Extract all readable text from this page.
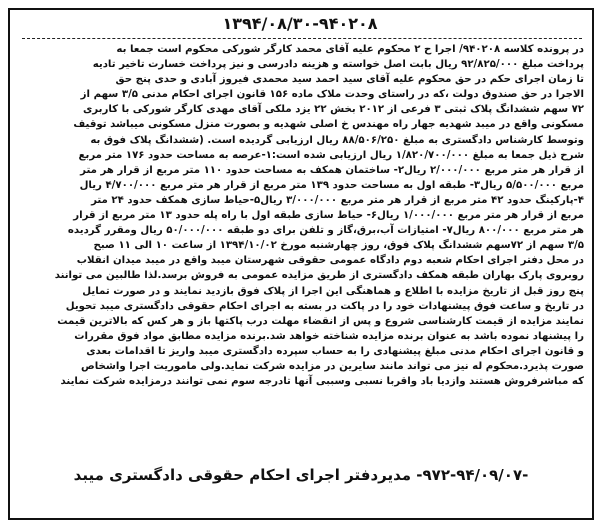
۱۳۹۴/۰۸/۳۰-۹۴۰۲۰۸
در پرونده کلاسه ۹۴۰۲۰۸/ اجرا ح ۲ محکوم علیه آقای محمد کارگر شورکی محکوم است جمعا به
پرداخت مبلغ ۹۲/۸۲۵/۰۰۰ ریال بابت اصل خواسته و هزینه دادرسی و نیز پرداخت خسارت تاخیر تادیه
تا زمان اجرای حکم در حق محکوم علیه آقای سید احمد سید محمدی فیروز آبادی و حدی پنج حق
الاجرا در حق صندوق دولت ،که در راستای وحدت ملاک ماده ۱۵۶ قانون اجرای احکام مدنی ۳/۵ سهم از
۷۲ سهم ششدانگ پلاک ثبتی ۳ فرعی از ۲۰۱۲ بخش ۲۲ یزد ملکی آقای مهدی کارگر شورکی با کاربری
مسکونی واقع در میبد شهدیه جهار راه مهندس خ اصلی شهدیه و بصورت منزل مسکونی میباشد توقیف
وتوسط کارشناس دادگستری به مبلغ ۸۸/۵۰۶/۲۵۰ ریال ارزیابی گردیده است. (ششدانگ پلاک فوق به
شرح ذیل جمعا به مبلغ ۱/۸۲۰/۷۰۰/۰۰۰ ریال ارزیابی شده است:۱-عرصه به مساحت حدود ۱۷۶ متر مربع
از قرار هر متر مربع ۲/۰۰۰/۰۰۰ ریال۲- ساختمان همکف به مساحت حدود ۱۱۰ متر مربع از قرار هر متر
مربع ۵/۵۰۰/۰۰۰ ریال۳- طبقه اول به مساحت حدود ۱۳۹ متر مربع از قرار هر متر مربع ۴/۷۰۰/۰۰۰ ریال
۴-پارکینگ حدود ۴۲ متر مربع از قرار هر متر مربع ۳/۰۰۰/۰۰۰ ریال۵-حیاط سازی همکف حدود ۲۴ متر
مربع از قرار هر متر مربع ۱/۰۰۰/۰۰۰ ریال۶- حیاط سازی طبقه اول با راه پله حدود ۱۳ متر مربع از قرار
هر متر مربع ۸۰۰/۰۰۰ ریال۷- امتیازات آب،برق،گاز و تلفن برای دو طبقه ۵۰/۰۰۰/۰۰۰ ریال ومقرر گردیده
۳/۵ سهم از ۷۲سهم ششدانگ پلاک فوق، روز چهارشنبه مورخ ۱۳۹۴/۱۰/۰۲ از ساعت ۱۰ الی ۱۱ صبح
در محل دفتر اجرای احکام شعبه دوم دادگاه عمومی حقوقی شهرستان میبد واقع در میبد میدان انقلاب
روبروی پارک بهاران طبقه همکف دادگستری از طریق مزایده عمومی به فروش برسد.لذا طالبین می توانند
پنج روز قبل از تاریخ مزایده با اطلاع و هماهنگی این اجرا از پلاک فوق بازدید نمایند و در صورت تمایل
در تاریخ و ساعت فوق پیشنهادات خود را در پاکت در بسته به اجرای احکام حقوقی دادگستری میبد تحویل
نمایند مزایده از قیمت کارشناسی شروع و پس از انقضاء مهلت درب پاکتها باز و هر کس که بالاترین قیمت
را پیشنهاد نموده باشد به عنوان برنده مزایده شناخته خواهد شد.برنده مزایده مطابق مواد فوق مقررات
و قانون اجرای احکام مدنی مبلغ پیشنهادی را به حساب سپرده دادگستری میبد واریز تا اقدامات بعدی
صورت پذیرد.محکوم له نیز می تواند مانند سایرین در مزایده شرکت نماید.ولی ماموریت اجرا واشخاص
که مباشرفروش هستند وازدیا باد واقربا نسبی وسببی آنها تادرجه سوم نمی توانند درمزایده شرکت نمایند
-۹۷۲-۹۴/۰۹/۰۷- مدیردفتر اجرای احکام حقوقی دادگستری میبد
